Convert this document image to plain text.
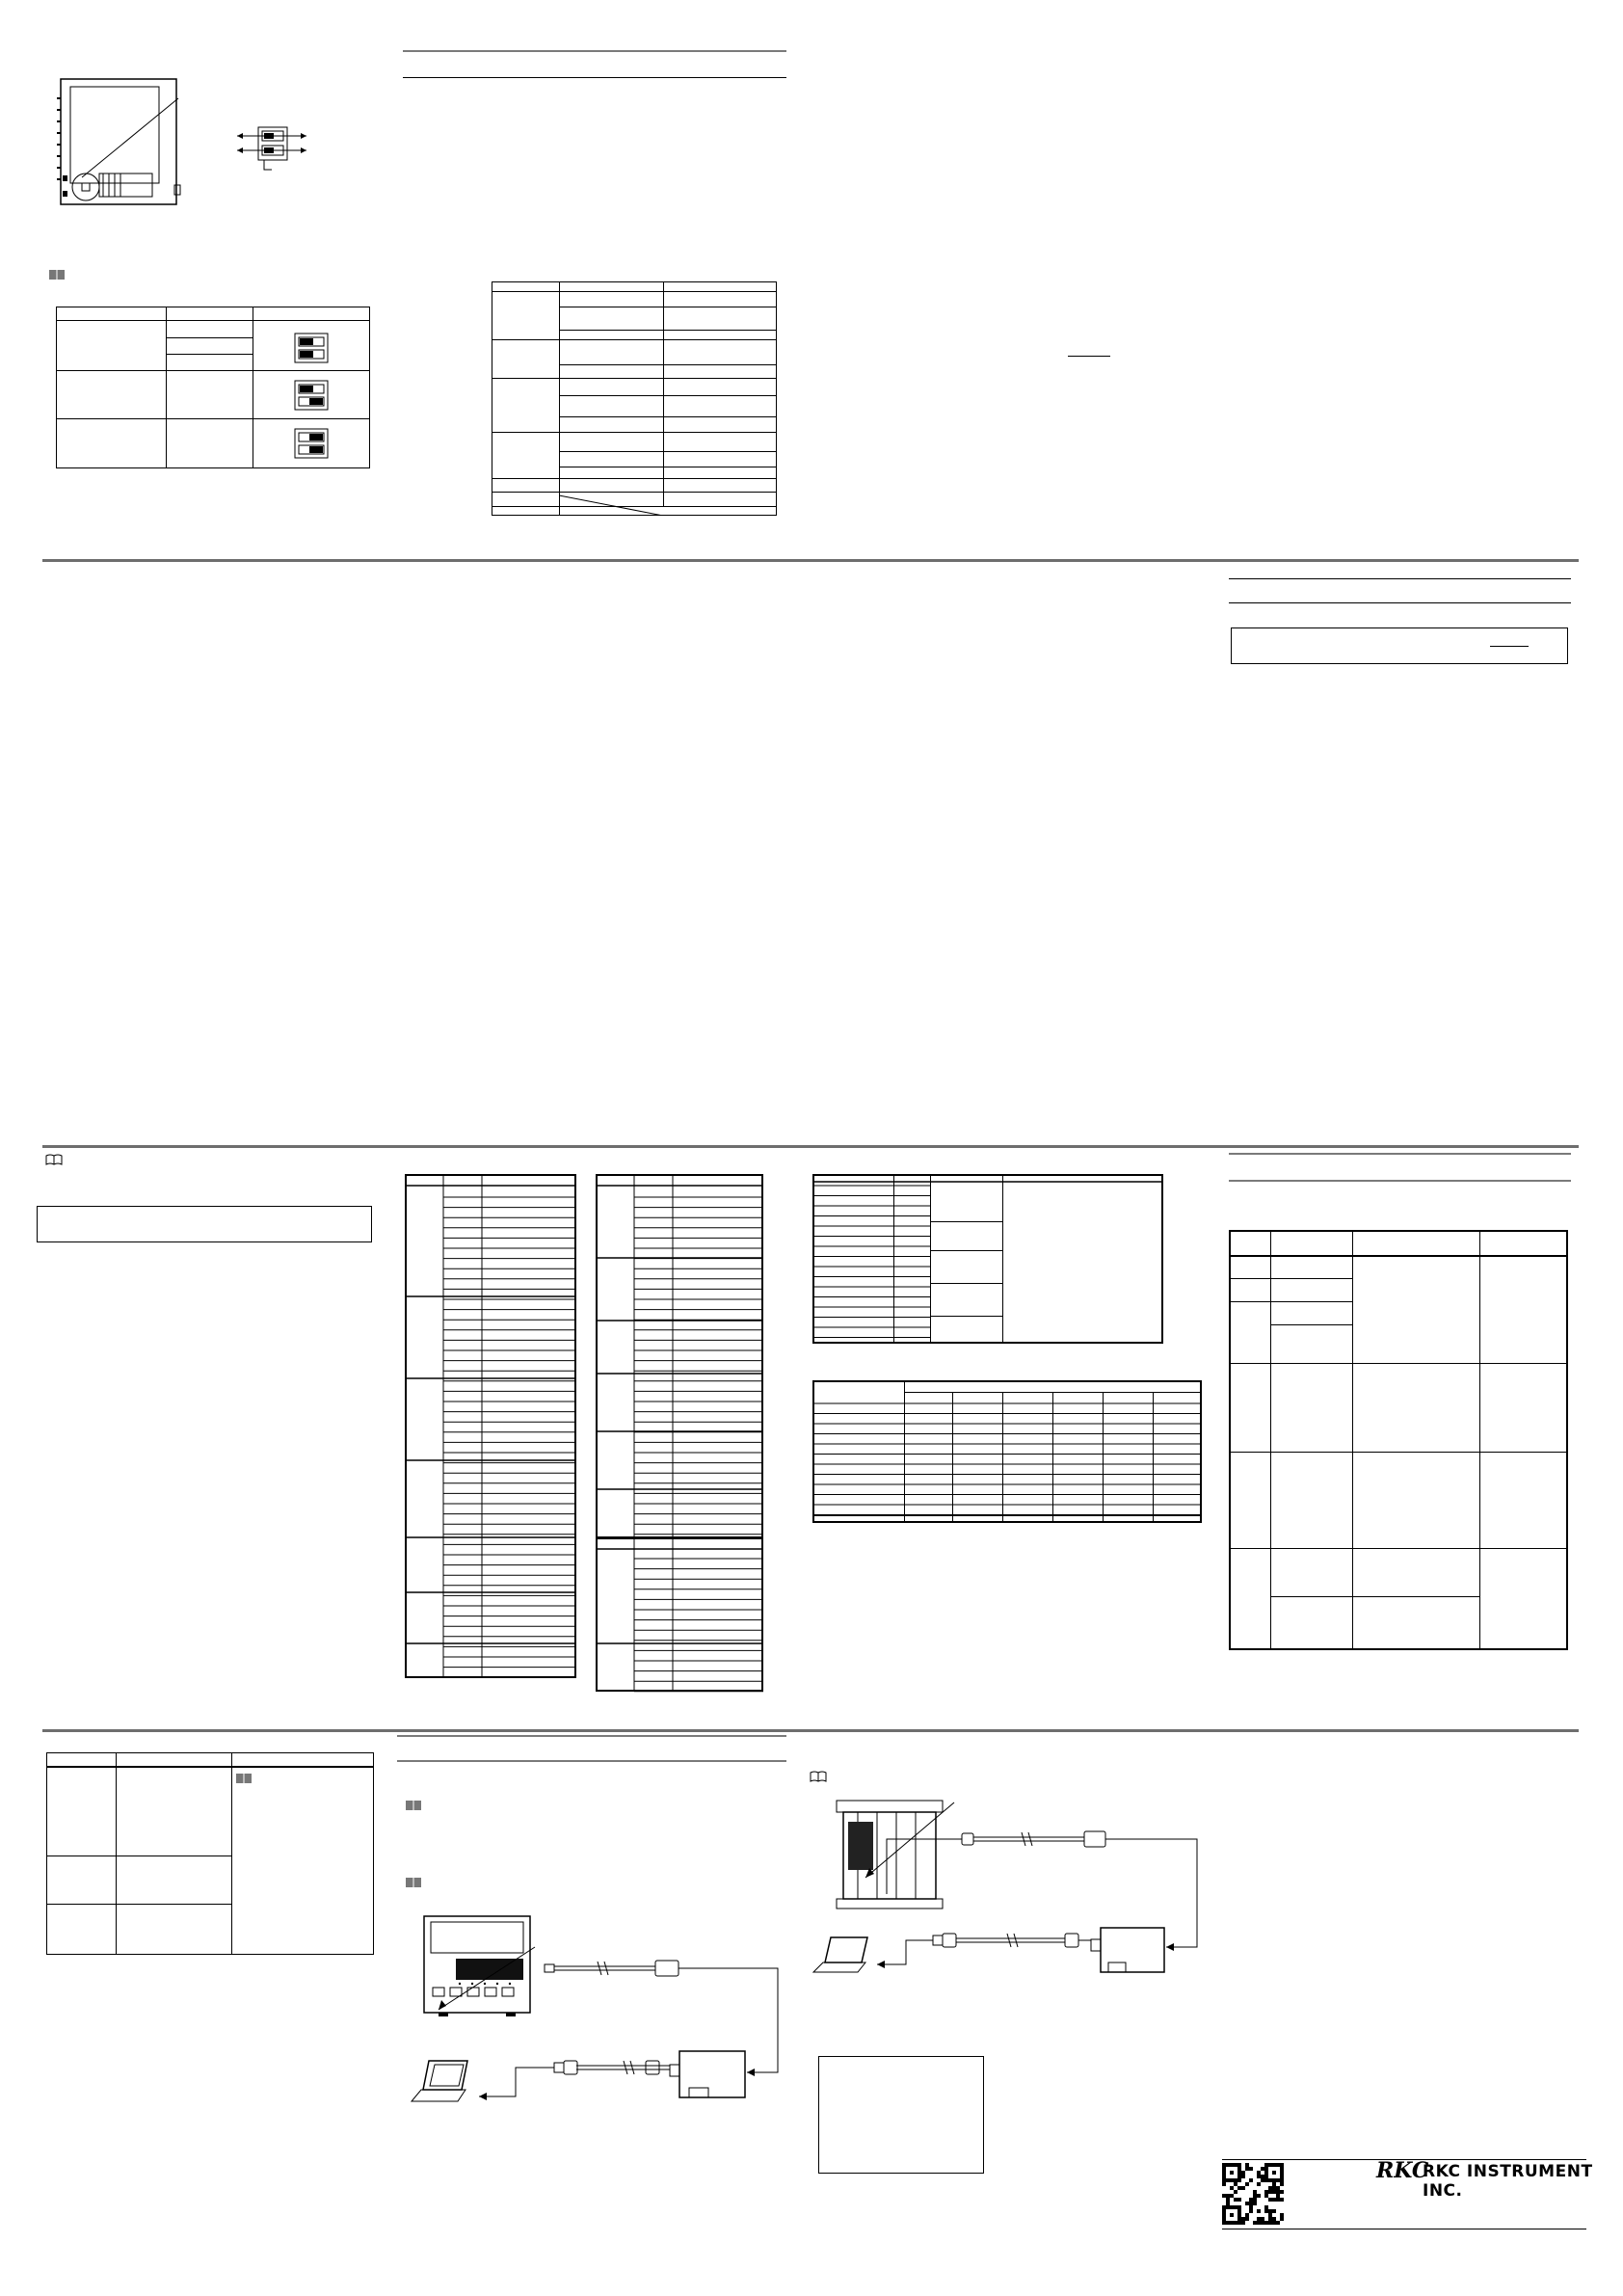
RKC
RKC INSTRUMENT INC.
